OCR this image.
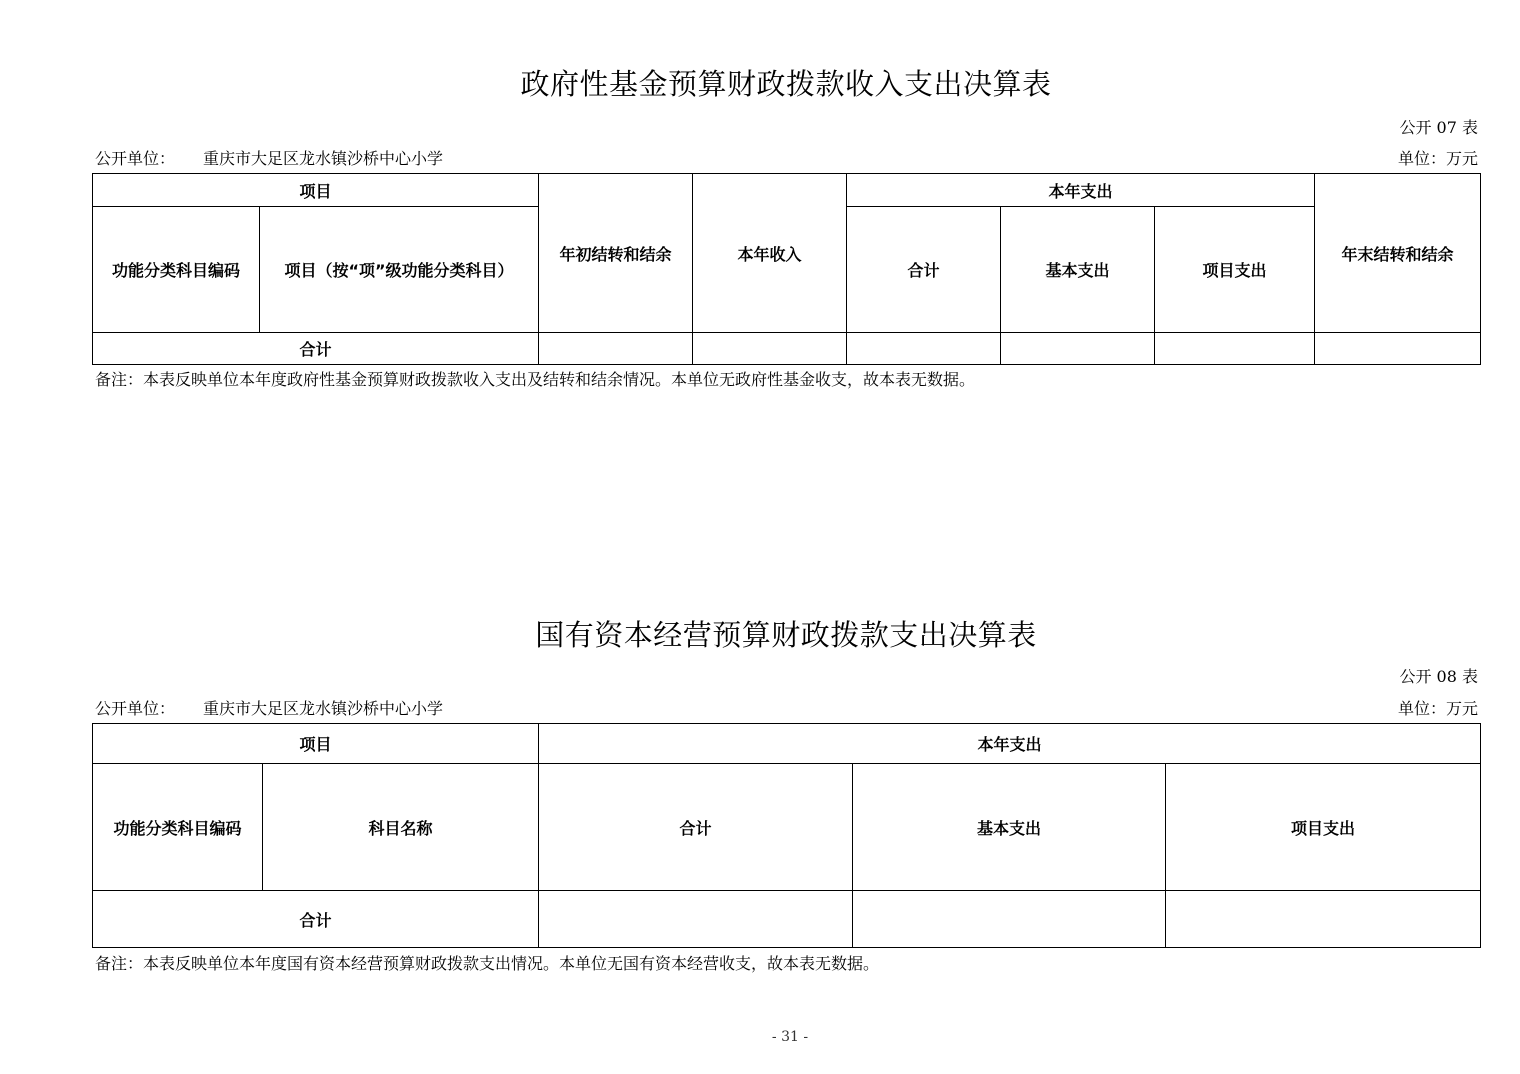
政府性基金预算财政拨款收入支出决算表
公开 07 表
公开单位： 重庆市大足区龙水镇沙桥中心小学	单位：万元
项目		年初结转和结余	本年收入	本年支出			年末结转和结余
功能分类科目编码	项目（按“项”级功能分类科目）			合计	基本支出	项目支出	
合计							
备注：本表反映单位本年度政府性基金预算财政拨款收入支出及结转和结余情况。本单位无政府性基金收支，故本表无数据。
国有资本经营预算财政拨款支出决算表
公开 08 表
公开单位： 重庆市大足区龙水镇沙桥中心小学	单位：万元
项目		本年支出		
功能分类科目编码	科目名称	合计	基本支出	项目支出
合计				
备注：本表反映单位本年度国有资本经营预算财政拨款支出情况。本单位无国有资本经营收支，故本表无数据。
- 31 -
